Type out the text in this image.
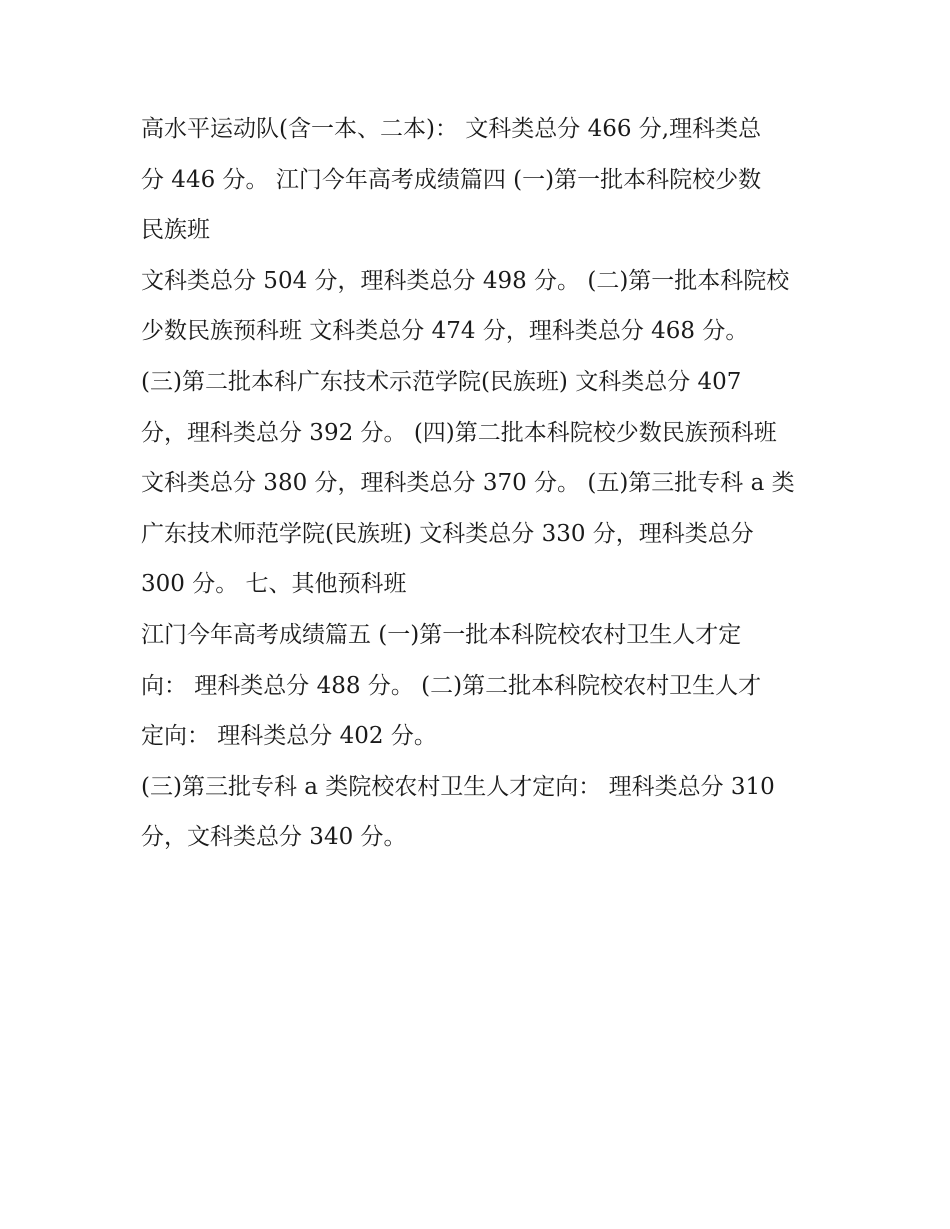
高水平运动队(含一本、二本)： 文科类总分 466 分,理科类总
分 446 分。 江门今年高考成绩篇四 (一)第一批本科院校少数
民族班
文科类总分 504 分，理科类总分 498 分。 (二)第一批本科院校
少数民族预科班 文科类总分 474 分，理科类总分 468 分。
(三)第二批本科广东技术示范学院(民族班) 文科类总分 407
分，理科类总分 392 分。 (四)第二批本科院校少数民族预科班
文科类总分 380 分，理科类总分 370 分。 (五)第三批专科 a 类
广东技术师范学院(民族班) 文科类总分 330 分，理科类总分
300 分。 七、其他预科班
江门今年高考成绩篇五 (一)第一批本科院校农村卫生人才定
向： 理科类总分 488 分。 (二)第二批本科院校农村卫生人才
定向： 理科类总分 402 分。
(三)第三批专科 a 类院校农村卫生人才定向： 理科类总分 310
分，文科类总分 340 分。
